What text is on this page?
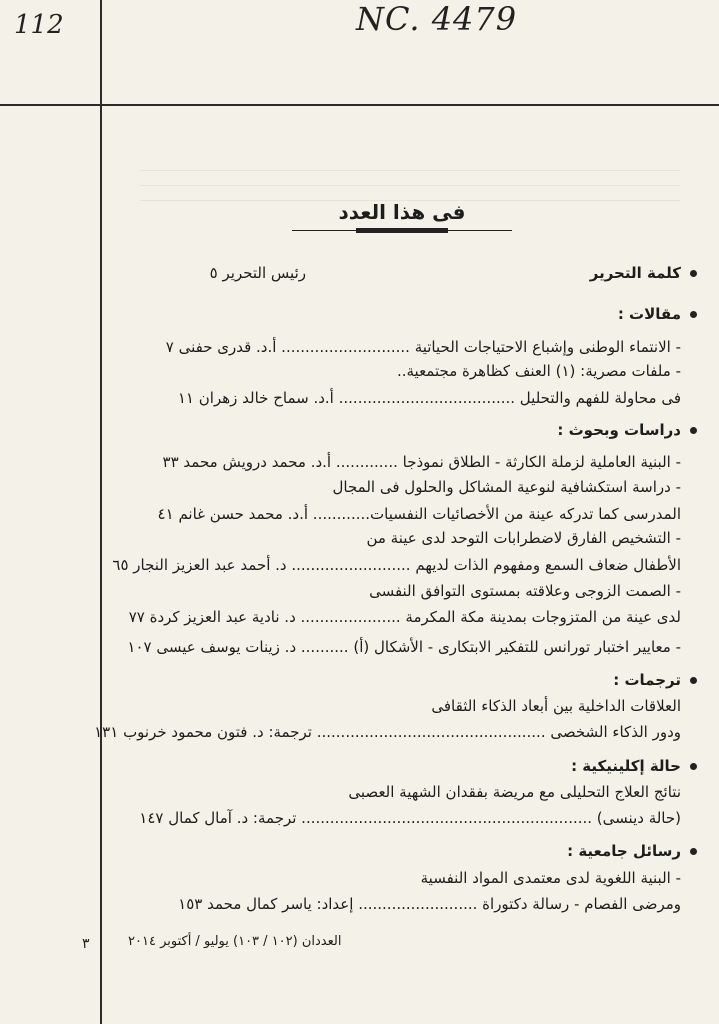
112	NC. 4479
فى هذا العدد
كلمة التحرير
مقالات :
دراسات وبحوث :
ترجمات :
حالة إكلينيكية :
رسائل جامعية :
رئيس التحرير ٥
- الانتماء الوطنى وإشباع الاحتياجات الحياتية ........................... أ.د. قدرى حفنى ٧
- ملفات مصرية: (١) العنف كظاهرة مجتمعية..
فى محاولة للفهم والتحليل ..................................... أ.د. سماح خالد زهران ١١
- البنية العاملية لزملة الكارثة - الطلاق نموذجا ............. أ.د. محمد درويش محمد ٣٣
- دراسة استكشافية لنوعية المشاكل والحلول فى المجال
المدرسى كما تدركه عينة من الأخصائيات النفسيات............ أ.د. محمد حسن غانم ٤١
- التشخيص الفارق لاضطرابات التوحد لدى عينة من
الأطفال ضعاف السمع ومفهوم الذات لديهم ......................... د. أحمد عبد العزيز النجار ٦٥
- الصمت الزوجى وعلاقته بمستوى التوافق النفسى
لدى عينة من المتزوجات بمدينة مكة المكرمة ..................... د. نادية عبد العزيز كردة ٧٧
- معايير اختبار تورانس للتفكير الابتكارى - الأشكال (أ) .......... د. زينات يوسف عيسى ١٠٧
العلاقات الداخلية بين أبعاد الذكاء الثقافى
ودور الذكاء الشخصى ................................................ ترجمة: د. فتون محمود خرنوب ١٣١
نتائج العلاج التحليلى مع مريضة بفقدان الشهية العصبى
(حالة دينسى) ............................................................. ترجمة: د. آمال كمال ١٤٧
- البنية اللغوية لدى معتمدى المواد النفسية
ومرضى الفصام - رسالة دكتوراة ......................... إعداد: ياسر كمال محمد ١٥٣
العددان (١٠٢ / ١٠٣) يوليو / أكتوبر ٢٠١٤
٣
